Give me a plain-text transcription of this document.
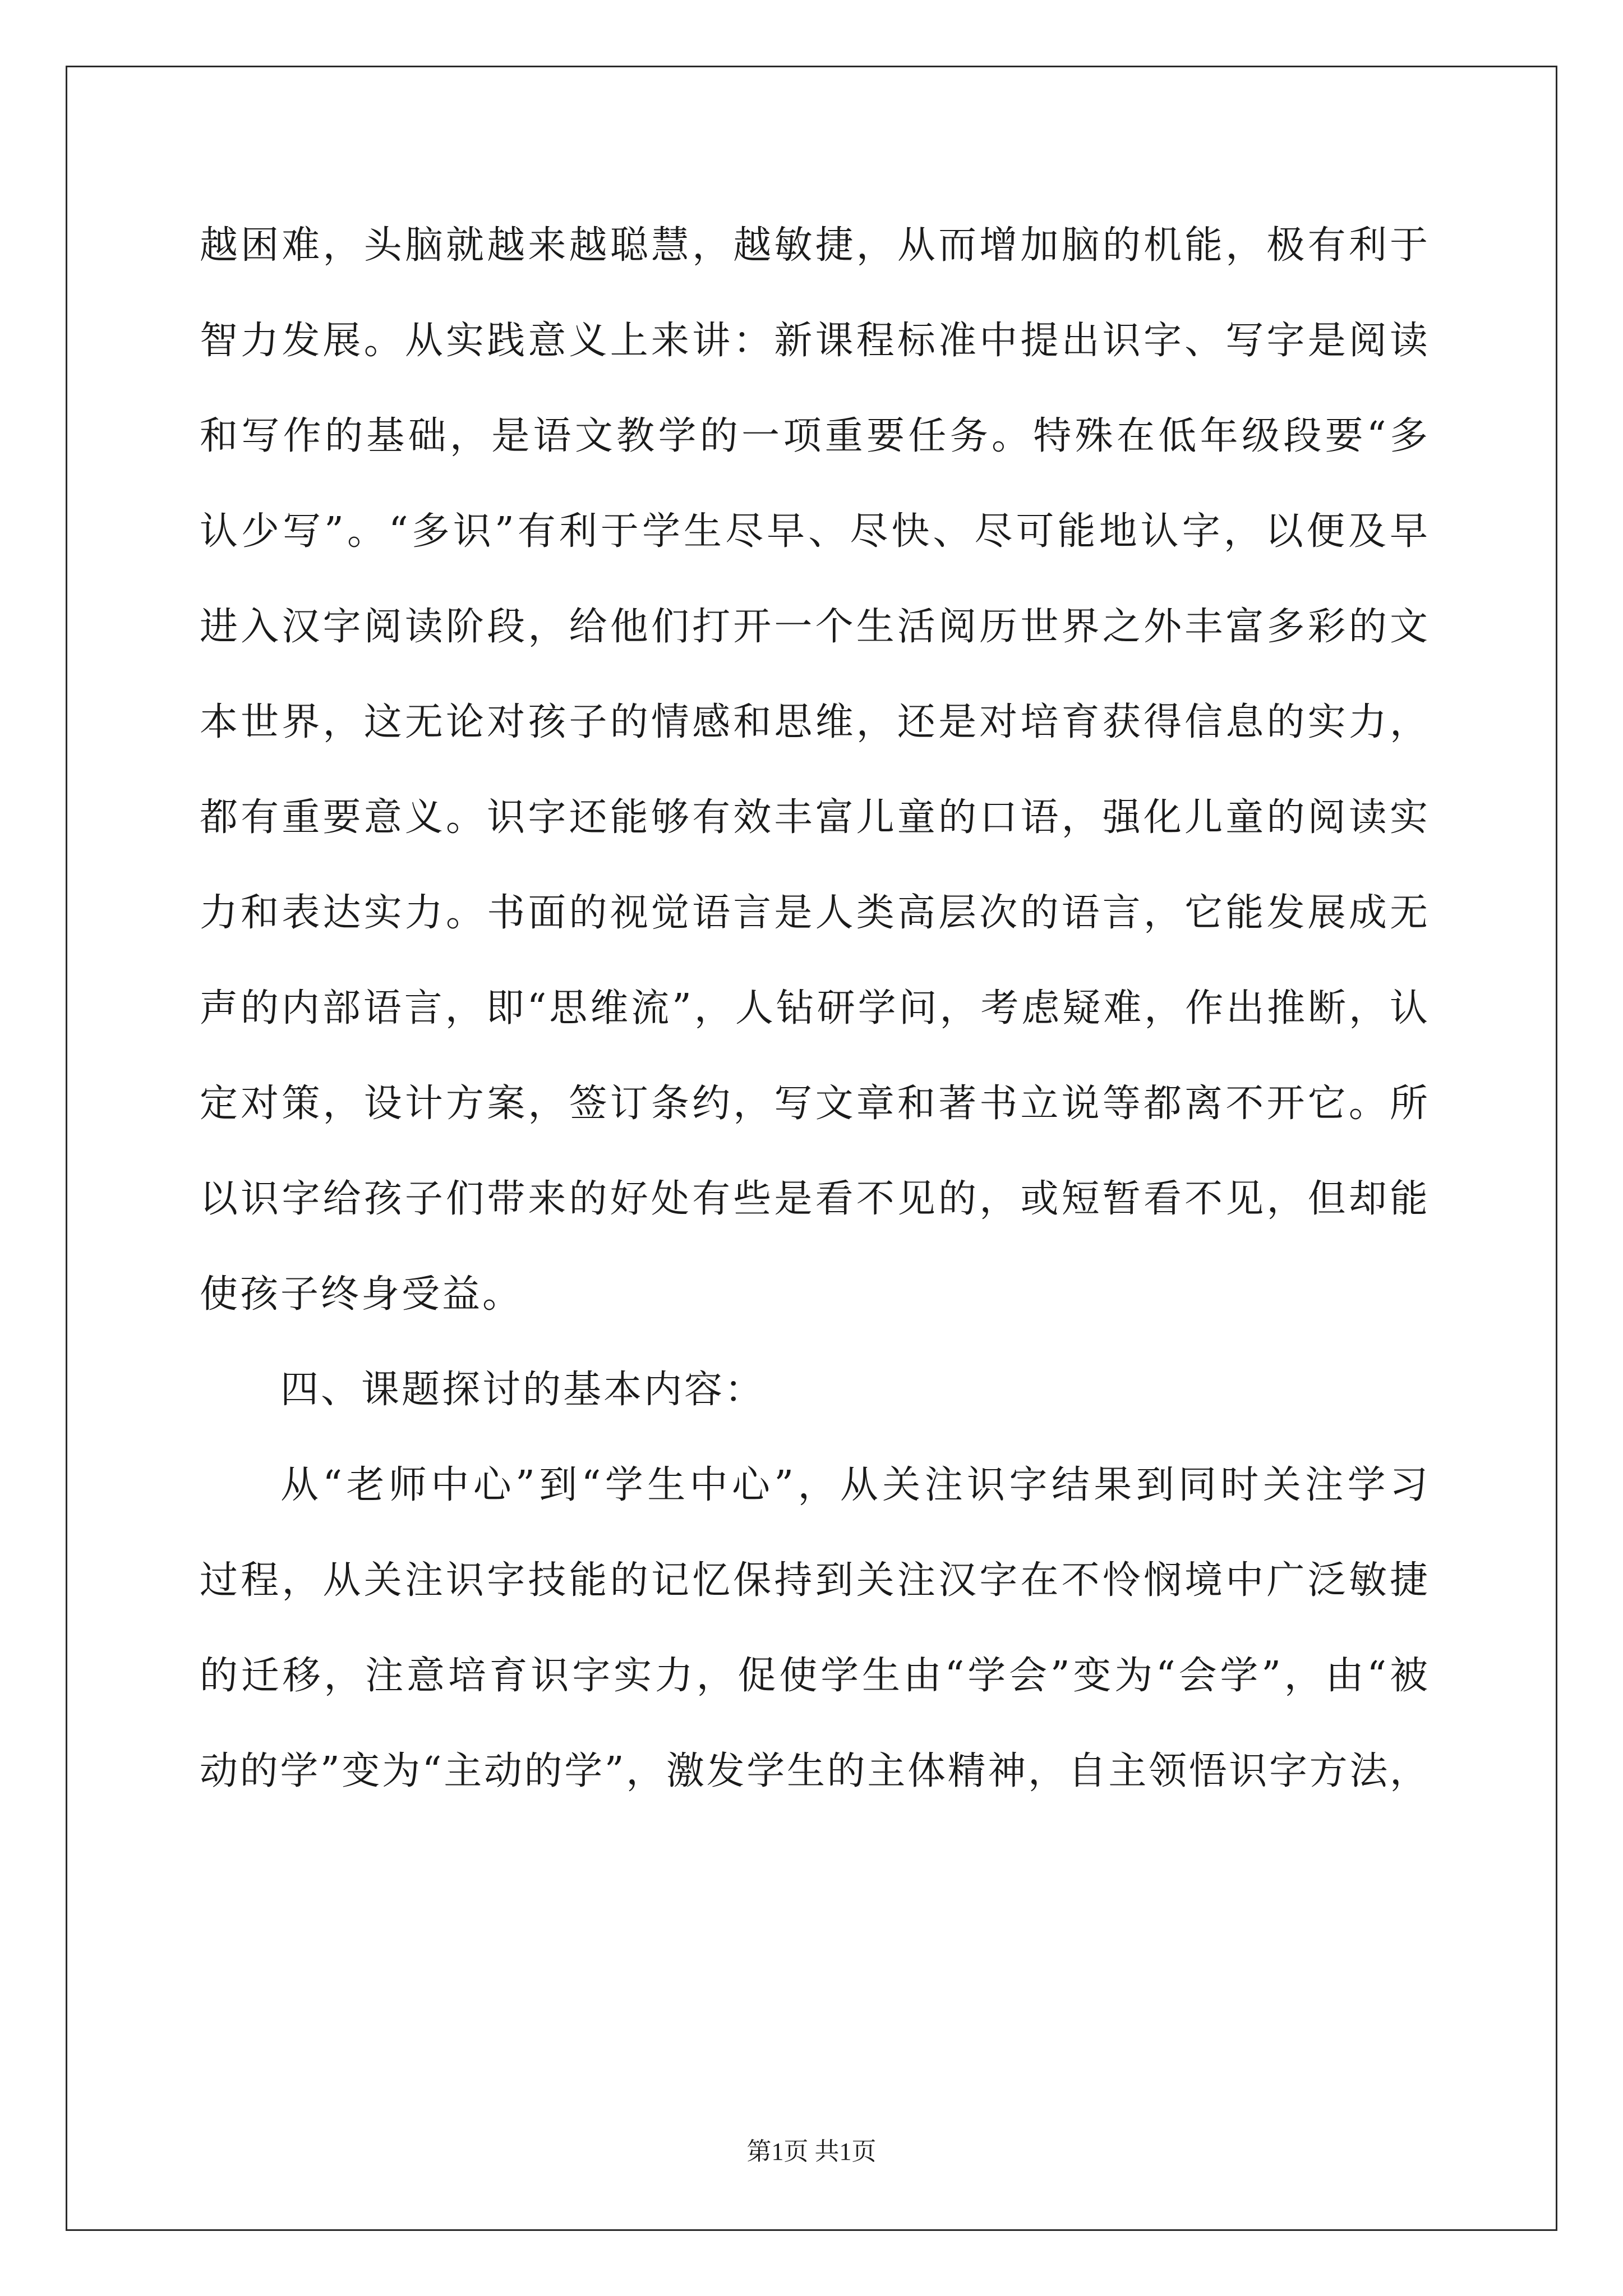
越困难，头脑就越来越聪慧，越敏捷，从而增加脑的机能，极有利于
智力发展。从实践意义上来讲：新课程标准中提出识字、写字是阅读
和写作的基础，是语文教学的一项重要任务。特殊在低年级段要“多
认少写”。“多识”有利于学生尽早、尽快、尽可能地认字，以便及早
进入汉字阅读阶段，给他们打开一个生活阅历世界之外丰富多彩的文
本世界，这无论对孩子的情感和思维，还是对培育获得信息的实力，
都有重要意义。识字还能够有效丰富儿童的口语，强化儿童的阅读实
力和表达实力。书面的视觉语言是人类高层次的语言，它能发展成无
声的内部语言，即“思维流”，人钻研学问，考虑疑难，作出推断，认
定对策，设计方案，签订条约，写文章和著书立说等都离不开它。所
以识字给孩子们带来的好处有些是看不见的，或短暂看不见，但却能
使孩子终身受益。
四、课题探讨的基本内容：
从“老师中心”到“学生中心”，从关注识字结果到同时关注学习
过程，从关注识字技能的记忆保持到关注汉字在不怜悯境中广泛敏捷
的迁移，注意培育识字实力，促使学生由“学会”变为“会学”，由“被
动的学”变为“主动的学”，激发学生的主体精神，自主领悟识字方法，
第1页 共1页
